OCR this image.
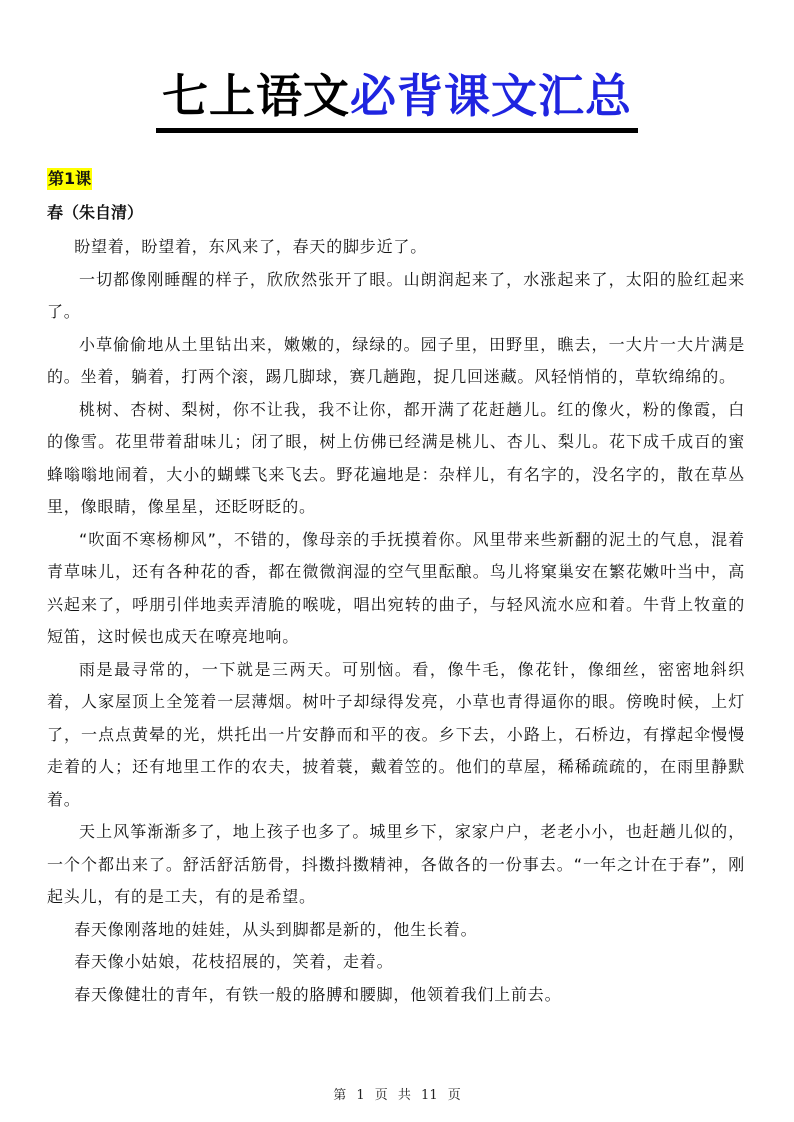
七上语文必背课文汇总
第1课
春（朱自清）

盼望着，盼望着，东风来了，春天的脚步近了。

一切都像刚睡醒的样子，欣欣然张开了眼。山朗润起来了，水涨起来了，太阳的脸红起来了。

小草偷偷地从土里钻出来，嫩嫩的，绿绿的。园子里，田野里，瞧去，一大片一大片满是的。坐着，躺着，打两个滚，踢几脚球，赛几趟跑，捉几回迷藏。风轻悄悄的，草软绵绵的。

桃树、杏树、梨树，你不让我，我不让你，都开满了花赶趟儿。红的像火，粉的像霞，白的像雪。花里带着甜味儿；闭了眼，树上仿佛已经满是桃儿、杏儿、梨儿。花下成千成百的蜜蜂嗡嗡地闹着，大小的蝴蝶飞来飞去。野花遍地是：杂样儿，有名字的，没名字的，散在草丛里，像眼睛，像星星，还眨呀眨的。

“吹面不寒杨柳风”，不错的，像母亲的手抚摸着你。风里带来些新翻的泥土的气息，混着青草味儿，还有各种花的香，都在微微润湿的空气里酝酿。鸟儿将窠巢安在繁花嫩叶当中，高兴起来了，呼朋引伴地卖弄清脆的喉咙，唱出宛转的曲子，与轻风流水应和着。牛背上牧童的短笛，这时候也成天在嘹亮地响。

雨是最寻常的，一下就是三两天。可别恼。看，像牛毛，像花针，像细丝，密密地斜织着，人家屋顶上全笼着一层薄烟。树叶子却绿得发亮，小草也青得逼你的眼。傍晚时候，上灯了，一点点黄晕的光，烘托出一片安静而和平的夜。乡下去，小路上，石桥边，有撑起伞慢慢走着的人；还有地里工作的农夫，披着蓑，戴着笠的。他们的草屋，稀稀疏疏的，在雨里静默着。

天上风筝渐渐多了，地上孩子也多了。城里乡下，家家户户，老老小小，也赶趟儿似的，一个个都出来了。舒活舒活筋骨，抖擞抖擞精神，各做各的一份事去。“一年之计在于春”，刚起头儿，有的是工夫，有的是希望。

春天像刚落地的娃娃，从头到脚都是新的，他生长着。

春天像小姑娘，花枝招展的，笑着，走着。

春天像健壮的青年，有铁一般的胳膊和腰脚，他领着我们上前去。

第 1 页 共 11 页
